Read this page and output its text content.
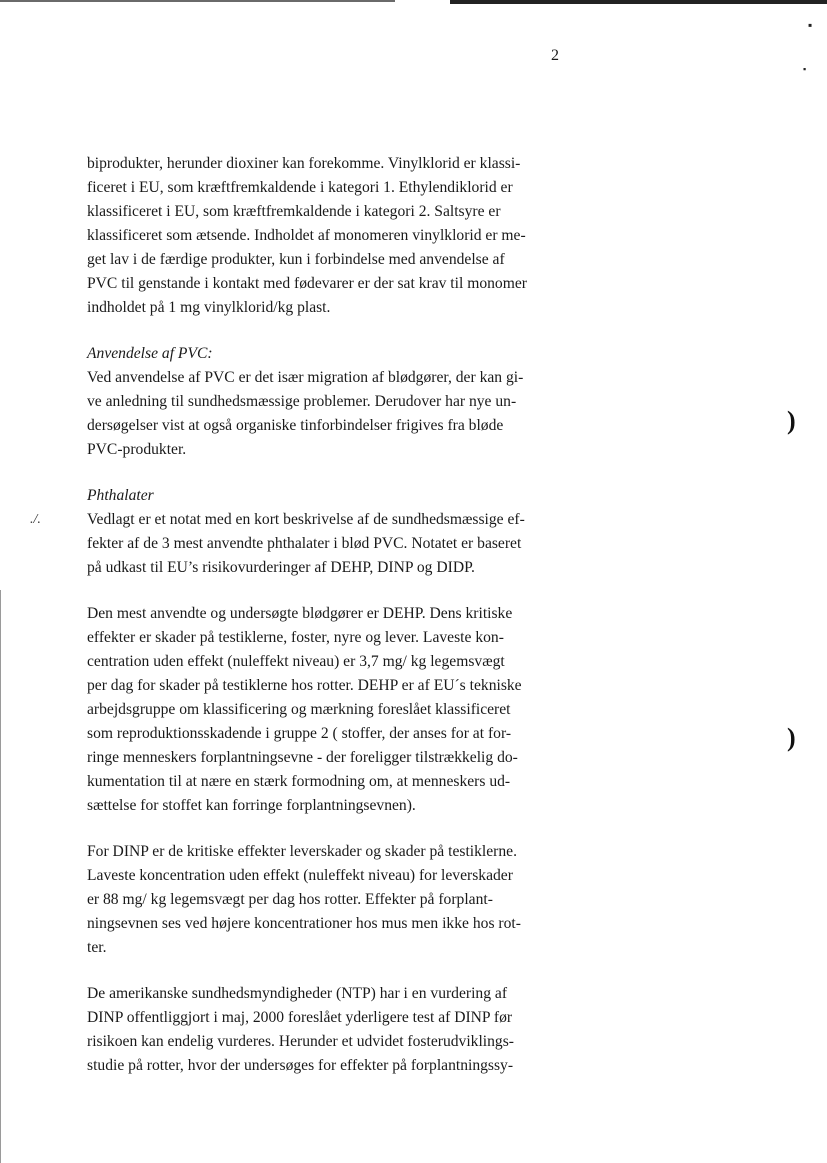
▪
▪
2
./.
)
)

biprodukter, herunder dioxiner kan forekomme. Vinylklorid er klassi-
ficeret i EU, som kræftfremkaldende i kategori 1. Ethylendiklorid er
klassificeret i EU, som kræftfremkaldende i kategori 2. Saltsyre er
klassificeret som ætsende. Indholdet af monomeren vinylklorid er me-
get lav i de færdige produkter, kun i forbindelse med anvendelse af
PVC til genstande i kontakt med fødevarer er der sat krav til monomer
indholdet på 1 mg vinylklorid/kg plast.

Anvendelse af PVC:

Ved anvendelse af PVC er det især migration af blødgører, der kan gi-
ve anledning til sundhedsmæssige problemer. Derudover har nye un-
dersøgelser vist at også organiske tinforbindelser frigives fra bløde
PVC-produkter.

Phthalater

Vedlagt er et notat med en kort beskrivelse af de sundhedsmæssige ef-
fekter af de 3 mest anvendte phthalater i blød PVC. Notatet er baseret
på udkast til EU’s risikovurderinger af DEHP, DINP og DIDP.

Den mest anvendte og undersøgte blødgører er DEHP. Dens kritiske
effekter er skader på testiklerne, foster, nyre og lever. Laveste kon-
centration uden effekt (nuleffekt niveau) er 3,7 mg/ kg legemsvægt
per dag for skader på testiklerne hos rotter. DEHP er af EU´s tekniske
arbejdsgruppe om klassificering og mærkning foreslået klassificeret
som reproduktionsskadende i gruppe 2 ( stoffer, der anses for at for-
ringe menneskers forplantningsevne - der foreligger tilstrækkelig do-
kumentation til at nære en stærk formodning om, at menneskers ud-
sættelse for stoffet kan forringe forplantningsevnen).

For DINP er de kritiske effekter leverskader og skader på testiklerne.
Laveste koncentration uden effekt (nuleffekt niveau) for leverskader
er 88 mg/ kg legemsvægt per dag hos rotter. Effekter på forplant-
ningsevnen ses ved højere koncentrationer hos mus men ikke hos rot-
ter.

De amerikanske sundhedsmyndigheder (NTP) har i en vurdering af
DINP offentliggjort i maj, 2000 foreslået yderligere test af DINP før
risikoen kan endelig vurderes. Herunder et udvidet fosterudviklings-
studie på rotter, hvor der undersøges for effekter på forplantningssy-
